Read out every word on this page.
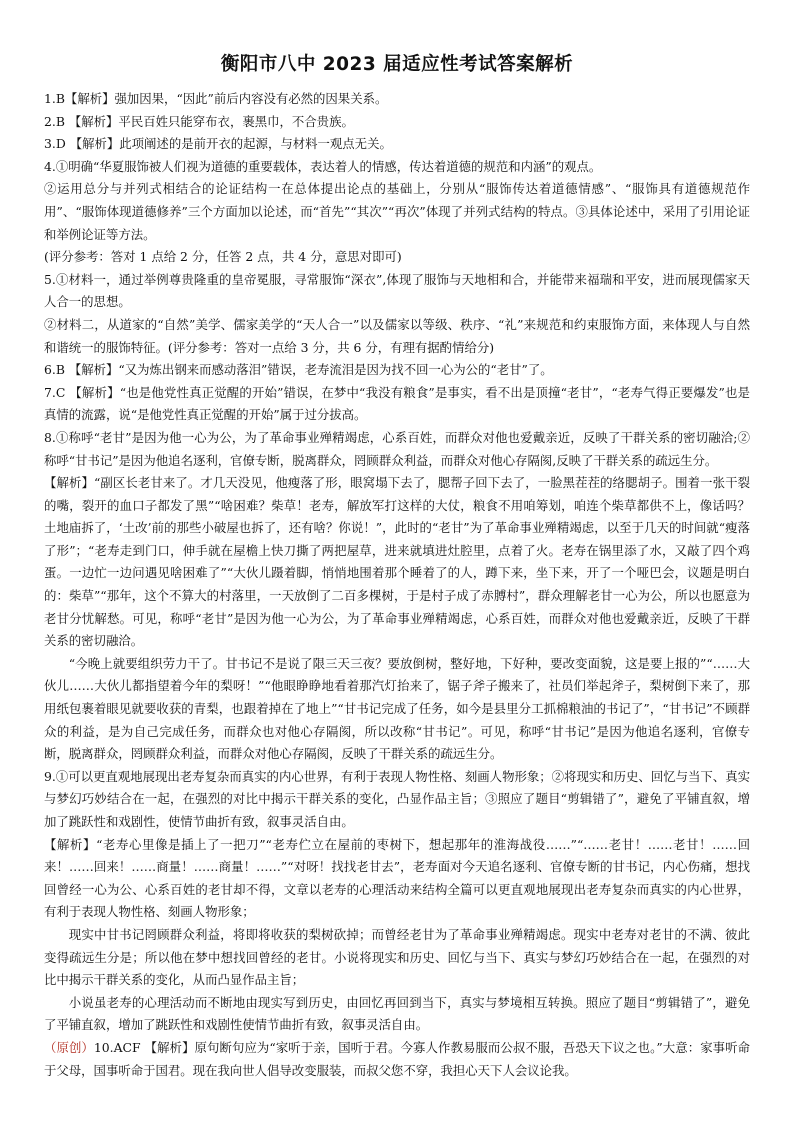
衡阳市八中 2023 届适应性考试答案解析

1.B【解析】强加因果，“因此”前后内容没有必然的因果关系。

2.B 【解析】平民百姓只能穿布衣，裹黑巾，不合贵族。

3.D 【解析】此项阐述的是前开衣的起源，与材料一观点无关。

4.①明确“华夏服饰被人们视为道德的重要载体，表达着人的情感，传达着道德的规范和内涵”的观点。

②运用总分与并列式相结合的论证结构一在总体提出论点的基础上，分别从“服饰传达着道德情感”、“服饰具有道德规范作用”、“服饰体现道德修养”三个方面加以论述，而“首先”“其次”“再次”体现了并列式结构的特点。③具体论述中，采用了引用论证和举例论证等方法。

(评分参考：答对 1 点给 2 分，任答 2 点，共 4 分，意思对即可)

5.①材料一，通过举例尊贵隆重的皇帝冕服，寻常服饰“深衣”,体现了服饰与天地相和合，并能带来福瑞和平安，进而展现儒家天人合一的思想。

②材料二，从道家的“自然”美学、儒家美学的“天人合一”以及儒家以等级、秩序、“礼”来规范和约束服饰方面，来体现人与自然和谐统一的服饰特征。(评分参考：答对一点给 3 分，共 6 分，有理有据酌情给分)

6.B 【解析】“又为炼出钢来而感动落泪”错误，老寿流泪是因为找不回一心为公的“老甘”了。

7.C 【解析】“也是他党性真正觉醒的开始”错误，在梦中“我没有粮食”是事实，看不出是顶撞“老甘”，“老寿气得正要爆发”也是真情的流露，说“是他党性真正觉醒的开始”属于过分拔高。

8.①称呼“老甘”是因为他一心为公，为了革命事业殚精竭虑，心系百姓，而群众对他也爱戴亲近，反映了干群关系的密切融洽;②称呼“甘书记”是因为他追名逐利，官僚专断，脱离群众，罔顾群众利益，而群众对他心存隔阂,反映了干群关系的疏远生分。

【解析】“副区长老甘来了。才几天没见，他瘦落了形，眼窝塌下去了，腮帮子回下去了，一脸黑茬茬的络腮胡子。围着一张干裂的嘴，裂开的血口子都发了黑”“啥困难？柴草！老寿，解放军打这样的大仗，粮食不用咱筹划，咱连个柴草都供不上，像话吗？土地庙拆了，‘土改’前的那些小破屋也拆了，还有啥？你说！”，此时的“老甘”为了革命事业殚精竭虑，以至于几天的时间就“瘦落了形”；“老寿走到门口，伸手就在屋檐上快刀撕了两把屋草，进来就填进灶腔里，点着了火。老寿在锅里添了水，又敲了四个鸡蛋。一边忙一边问遇见啥困难了”“大伙儿蹑着脚，悄悄地围着那个睡着了的人，蹲下来，坐下来，开了一个哑巴会，议题是明白的：柴草”“那年，这个不算大的村落里，一天放倒了二百多棵树，于是村子成了赤膊村”，群众理解老甘一心为公，所以也愿意为老甘分忧解愁。可见，称呼“老甘”是因为他一心为公，为了革命事业殚精竭虑，心系百姓，而群众对他也爱戴亲近，反映了干群关系的密切融洽。

“今晚上就要组织劳力干了。甘书记不是说了限三天三夜？要放倒树，整好地，下好种，要改变面貌，这是要上报的”“……大伙儿……大伙儿都指望着今年的梨呀！”“他眼睁睁地看着那汽灯抬来了，锯子斧子搬来了，社员们举起斧子，梨树倒下来了，那用纸包裹着眼见就要收获的青梨，也跟着掉在了地上”“甘书记完成了任务，如今是县里分工抓棉粮油的书记了”，“甘书记”不顾群众的利益，是为自己完成任务，而群众也对他心存隔阂，所以改称“甘书记”。可见，称呼“甘书记”是因为他追名逐利，官僚专断，脱离群众，罔顾群众利益，而群众对他心存隔阂，反映了干群关系的疏远生分。

9.①可以更直观地展现出老寿复杂而真实的内心世界，有利于表现人物性格、刻画人物形象；②将现实和历史、回忆与当下、真实与梦幻巧妙结合在一起，在强烈的对比中揭示干群关系的变化，凸显作品主旨；③照应了题目“剪辑错了”，避免了平铺直叙，增加了跳跃性和戏剧性，使情节曲折有致，叙事灵活自由。

【解析】“老寿心里像是插上了一把刀”“老寿伫立在屋前的枣树下，想起那年的淮海战役……”“……老甘！……老甘！……回来！……回来！……商量！……商量！……”“对呀！找找老甘去”，老寿面对今天追名逐利、官僚专断的甘书记，内心伤痛，想找回曾经一心为公、心系百姓的老甘却不得，文章以老寿的心理活动来结构全篇可以更直观地展现出老寿复杂而真实的内心世界，有利于表现人物性格、刻画人物形象；

现实中甘书记罔顾群众利益，将即将收获的梨树砍掉；而曾经老甘为了革命事业殚精竭虑。现实中老寿对老甘的不满、彼此变得疏远生分是；所以他在梦中想找回曾经的老甘。小说将现实和历史、回忆与当下、真实与梦幻巧妙结合在一起，在强烈的对比中揭示干群关系的变化，从而凸显作品主旨；

小说虽老寿的心理活动而不断地由现实写到历史，由回忆再回到当下，真实与梦境相互转换。照应了题目“剪辑错了”，避免了平铺直叙，增加了跳跃性和戏剧性使情节曲折有致，叙事灵活自由。

（原创）10.ACF 【解析】原句断句应为“家听于亲，国听于君。今寡人作教易服而公叔不服，吾恐天下议之也。”大意：家事听命于父母，国事听命于国君。现在我向世人倡导改变服装，而叔父您不穿，我担心天下人会议论我。
